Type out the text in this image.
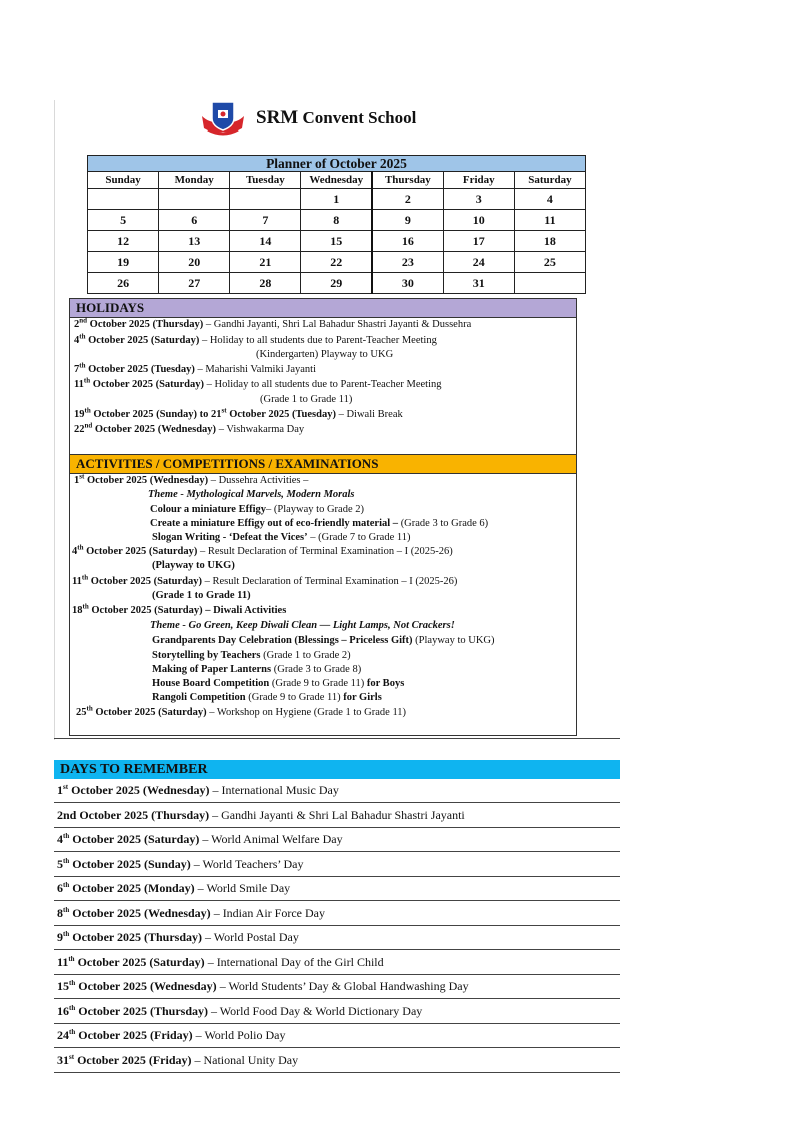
SRM Convent School
Planner of October 2025						
Sunday	Monday	Tuesday	Wednesday	Thursday	Friday	Saturday
			1	2	3	4
5	6	7	8	9	10	11
12	13	14	15	16	17	18
19	20	21	22	23	24	25
26	27	28	29	30	31	
HOLIDAYS
2nd October 2025 (Thursday) – Gandhi Jayanti, Shri Lal Bahadur Shastri Jayanti & Dussehra
4th October 2025 (Saturday) – Holiday to all students due to Parent-Teacher Meeting
(Kindergarten) Playway to UKG
7th October 2025 (Tuesday) – Maharishi Valmiki Jayanti
11th October 2025 (Saturday) – Holiday to all students due to Parent-Teacher Meeting
(Grade 1 to Grade 11)
19th October 2025 (Sunday) to 21st October 2025 (Tuesday) – Diwali Break
22nd October 2025 (Wednesday) – Vishwakarma Day
ACTIVITIES / COMPETITIONS / EXAMINATIONS
1st October 2025 (Wednesday) – Dussehra Activities –
Theme - Mythological Marvels, Modern Morals
Colour a miniature Effigy– (Playway to Grade 2)
Create a miniature Effigy out of eco-friendly material – (Grade 3 to Grade 6)
Slogan Writing - ‘Defeat the Vices’ – (Grade 7 to Grade 11)
4th October 2025 (Saturday) – Result Declaration of Terminal Examination – I (2025-26)
(Playway to UKG)
11th October 2025 (Saturday) – Result Declaration of Terminal Examination – I (2025-26)
(Grade 1 to Grade 11)
18th October 2025 (Saturday) – Diwali Activities
Theme - Go Green, Keep Diwali Clean — Light Lamps, Not Crackers!
Grandparents Day Celebration (Blessings – Priceless Gift) (Playway to UKG)
Storytelling by Teachers (Grade 1 to Grade 2)
Making of Paper Lanterns (Grade 3 to Grade 8)
House Board Competition (Grade 9 to Grade 11) for Boys
Rangoli Competition (Grade 9 to Grade 11) for Girls
25th October 2025 (Saturday) – Workshop on Hygiene (Grade 1 to Grade 11)
DAYS TO REMEMBER
1st October 2025 (Wednesday) – International Music Day
2nd October 2025 (Thursday) – Gandhi Jayanti & Shri Lal Bahadur Shastri Jayanti
4th October 2025 (Saturday) – World Animal Welfare Day
5th October 2025 (Sunday) – World Teachers’ Day
6th October 2025 (Monday) – World Smile Day
8th October 2025 (Wednesday) – Indian Air Force Day
9th October 2025 (Thursday) – World Postal Day
11th October 2025 (Saturday) – International Day of the Girl Child
15th October 2025 (Wednesday) – World Students’ Day & Global Handwashing Day
16th October 2025 (Thursday) – World Food Day & World Dictionary Day
24th October 2025 (Friday) – World Polio Day
31st October 2025 (Friday) – National Unity Day
